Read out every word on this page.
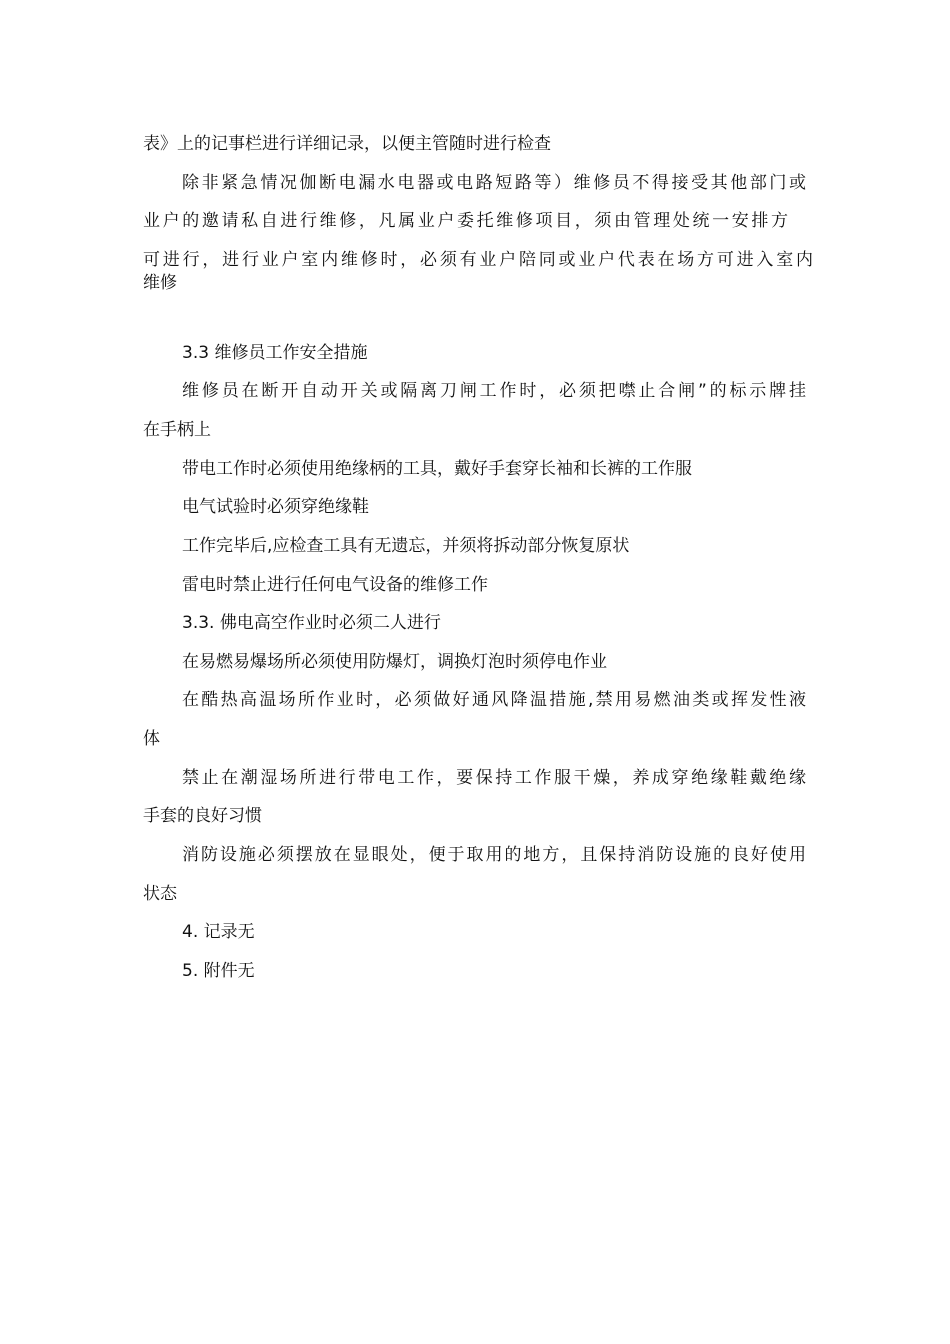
表》上的记事栏进行详细记录，以便主管随时进行检查
除非紧急情况伽断电漏水电器或电路短路等）维修员不得接受其他部门或
业户的邀请私自进行维修，凡属业户委托维修项目，须由管理处统一安排方
可进行，进行业户室内维修时，必须有业户陪同或业户代表在场方可进入室内
维修
3.3 维修员工作安全措施
维修员在断开自动开关或隔离刀闸工作时，必须把噤止合闸”的标示牌挂
在手柄上
带电工作时必须使用绝缘柄的工具，戴好手套穿长袖和长裤的工作服
电气试验时必须穿绝缘鞋
工作完毕后,应检查工具有无遗忘，并须将拆动部分恢复原状
雷电时禁止进行任何电气设备的维修工作
3.3. 佛电高空作业时必须二人进行
在易燃易爆场所必须使用防爆灯，调换灯泡时须停电作业
在酷热高温场所作业时，必须做好通风降温措施,禁用易燃油类或挥发性液
体
禁止在潮湿场所进行带电工作，要保持工作服干燥，养成穿绝缘鞋戴绝缘
手套的良好习惯
消防设施必须摆放在显眼处，便于取用的地方，且保持消防设施的良好使用
状态
4. 记录无
5. 附件无
